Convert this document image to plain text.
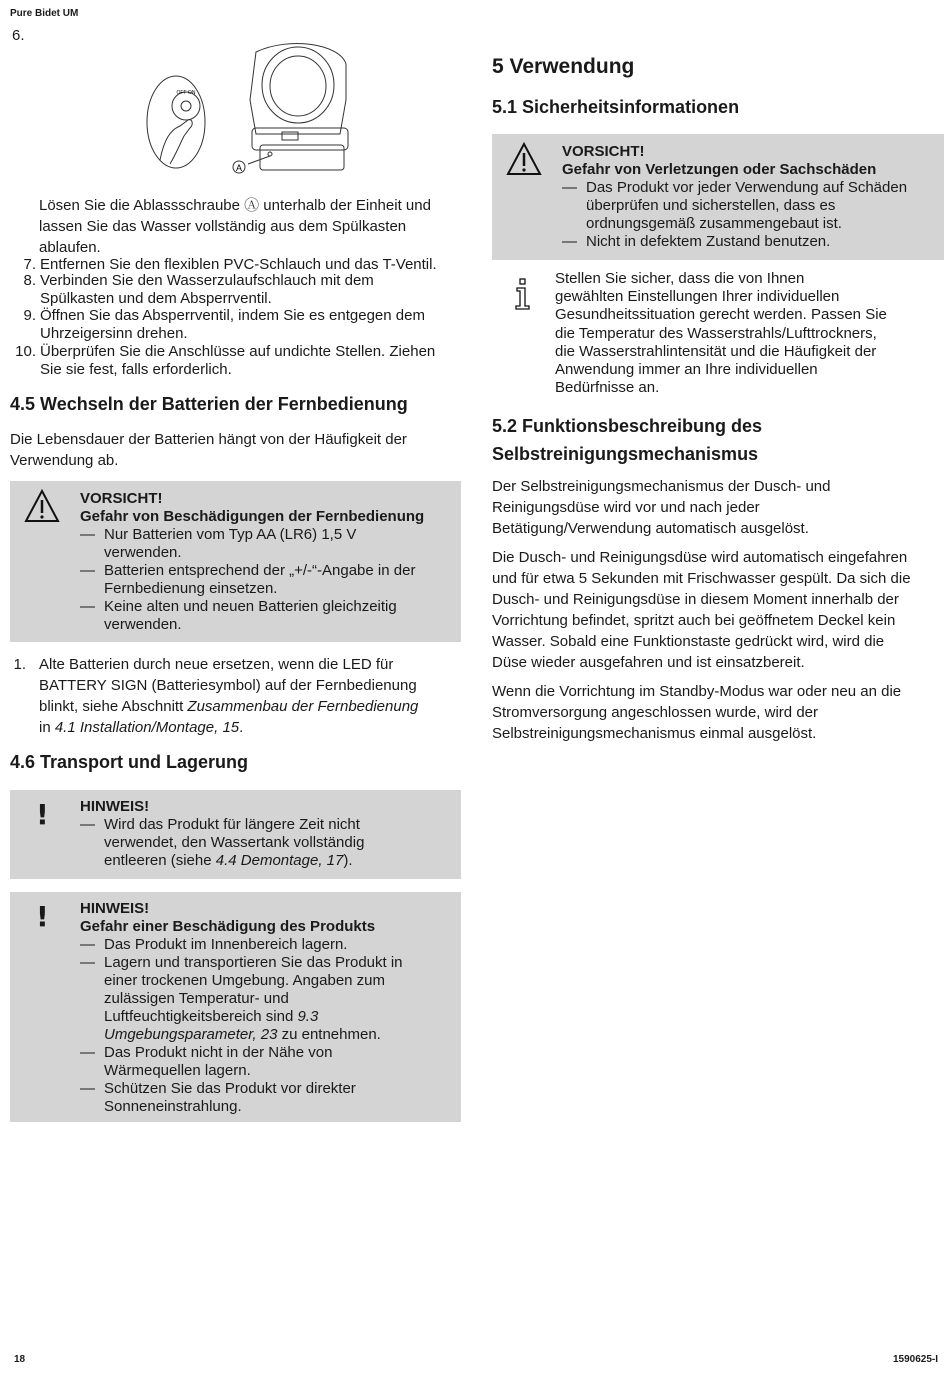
Pure Bidet UM
6.
A
OFF ON
Lösen Sie die Ablassschraube Ⓐ unterhalb der Einheit und
lassen Sie das Wasser vollständig aus dem Spülkasten
ablaufen.
7. Entfernen Sie den flexiblen PVC-Schlauch und das T-Ventil.
8. Verbinden Sie den Wasserzulaufschlauch mit dem
Spülkasten und dem Absperrventil.
9. Öffnen Sie das Absperrventil, indem Sie es entgegen dem
Uhrzeigersinn drehen.
10. Überprüfen Sie die Anschlüsse auf undichte Stellen. Ziehen
Sie sie fest, falls erforderlich.
4.5 Wechseln der Batterien der Fernbedienung
Die Lebensdauer der Batterien hängt von der Häufigkeit der
Verwendung ab.
VORSICHT!
Gefahr von Beschädigungen der Fernbedienung
— Nur Batterien vom Typ AA (LR6) 1,5 V
verwenden.
— Batterien entsprechend der „+/-“-Angabe in der
Fernbedienung einsetzen.
— Keine alten und neuen Batterien gleichzeitig
verwenden.
1. Alte Batterien durch neue ersetzen, wenn die LED für
BATTERY SIGN (Batteriesymbol) auf der Fernbedienung
blinkt, siehe Abschnitt Zusammenbau der Fernbedienung
in 4.1 Installation/Montage, 15.
4.6 Transport und Lagerung
! HINWEIS!
— Wird das Produkt für längere Zeit nicht
verwendet, den Wassertank vollständig
entleeren (siehe 4.4 Demontage, 17).
! HINWEIS!
Gefahr einer Beschädigung des Produkts
— Das Produkt im Innenbereich lagern.
— Lagern und transportieren Sie das Produkt in
einer trockenen Umgebung. Angaben zum
zulässigen Temperatur- und
Luftfeuchtigkeitsbereich sind 9.3
Umgebungsparameter, 23 zu entnehmen.
— Das Produkt nicht in der Nähe von
Wärmequellen lagern.
— Schützen Sie das Produkt vor direkter
Sonneneinstrahlung.
5 Verwendung
5.1 Sicherheitsinformationen
VORSICHT!
Gefahr von Verletzungen oder Sachschäden
— Das Produkt vor jeder Verwendung auf Schäden
überprüfen und sicherstellen, dass es
ordnungsgemäß zusammengebaut ist.
— Nicht in defektem Zustand benutzen.
Stellen Sie sicher, dass die von Ihnen
gewählten Einstellungen Ihrer individuellen
Gesundheitssituation gerecht werden. Passen Sie
die Temperatur des Wasserstrahls/Lufttrockners,
die Wasserstrahlintensität und die Häufigkeit der
Anwendung immer an Ihre individuellen
Bedürfnisse an.
5.2 Funktionsbeschreibung des
Selbstreinigungsmechanismus
Der Selbstreinigungsmechanismus der Dusch- und
Reinigungsdüse wird vor und nach jeder
Betätigung/Verwendung automatisch ausgelöst.
Die Dusch- und Reinigungsdüse wird automatisch eingefahren
und für etwa 5 Sekunden mit Frischwasser gespült. Da sich die
Dusch- und Reinigungsdüse in diesem Moment innerhalb der
Vorrichtung befindet, spritzt auch bei geöffnetem Deckel kein
Wasser. Sobald eine Funktionstaste gedrückt wird, wird die
Düse wieder ausgefahren und ist einsatzbereit.
Wenn die Vorrichtung im Standby-Modus war oder neu an die
Stromversorgung angeschlossen wurde, wird der
Selbstreinigungsmechanismus einmal ausgelöst.
18	1590625-I
